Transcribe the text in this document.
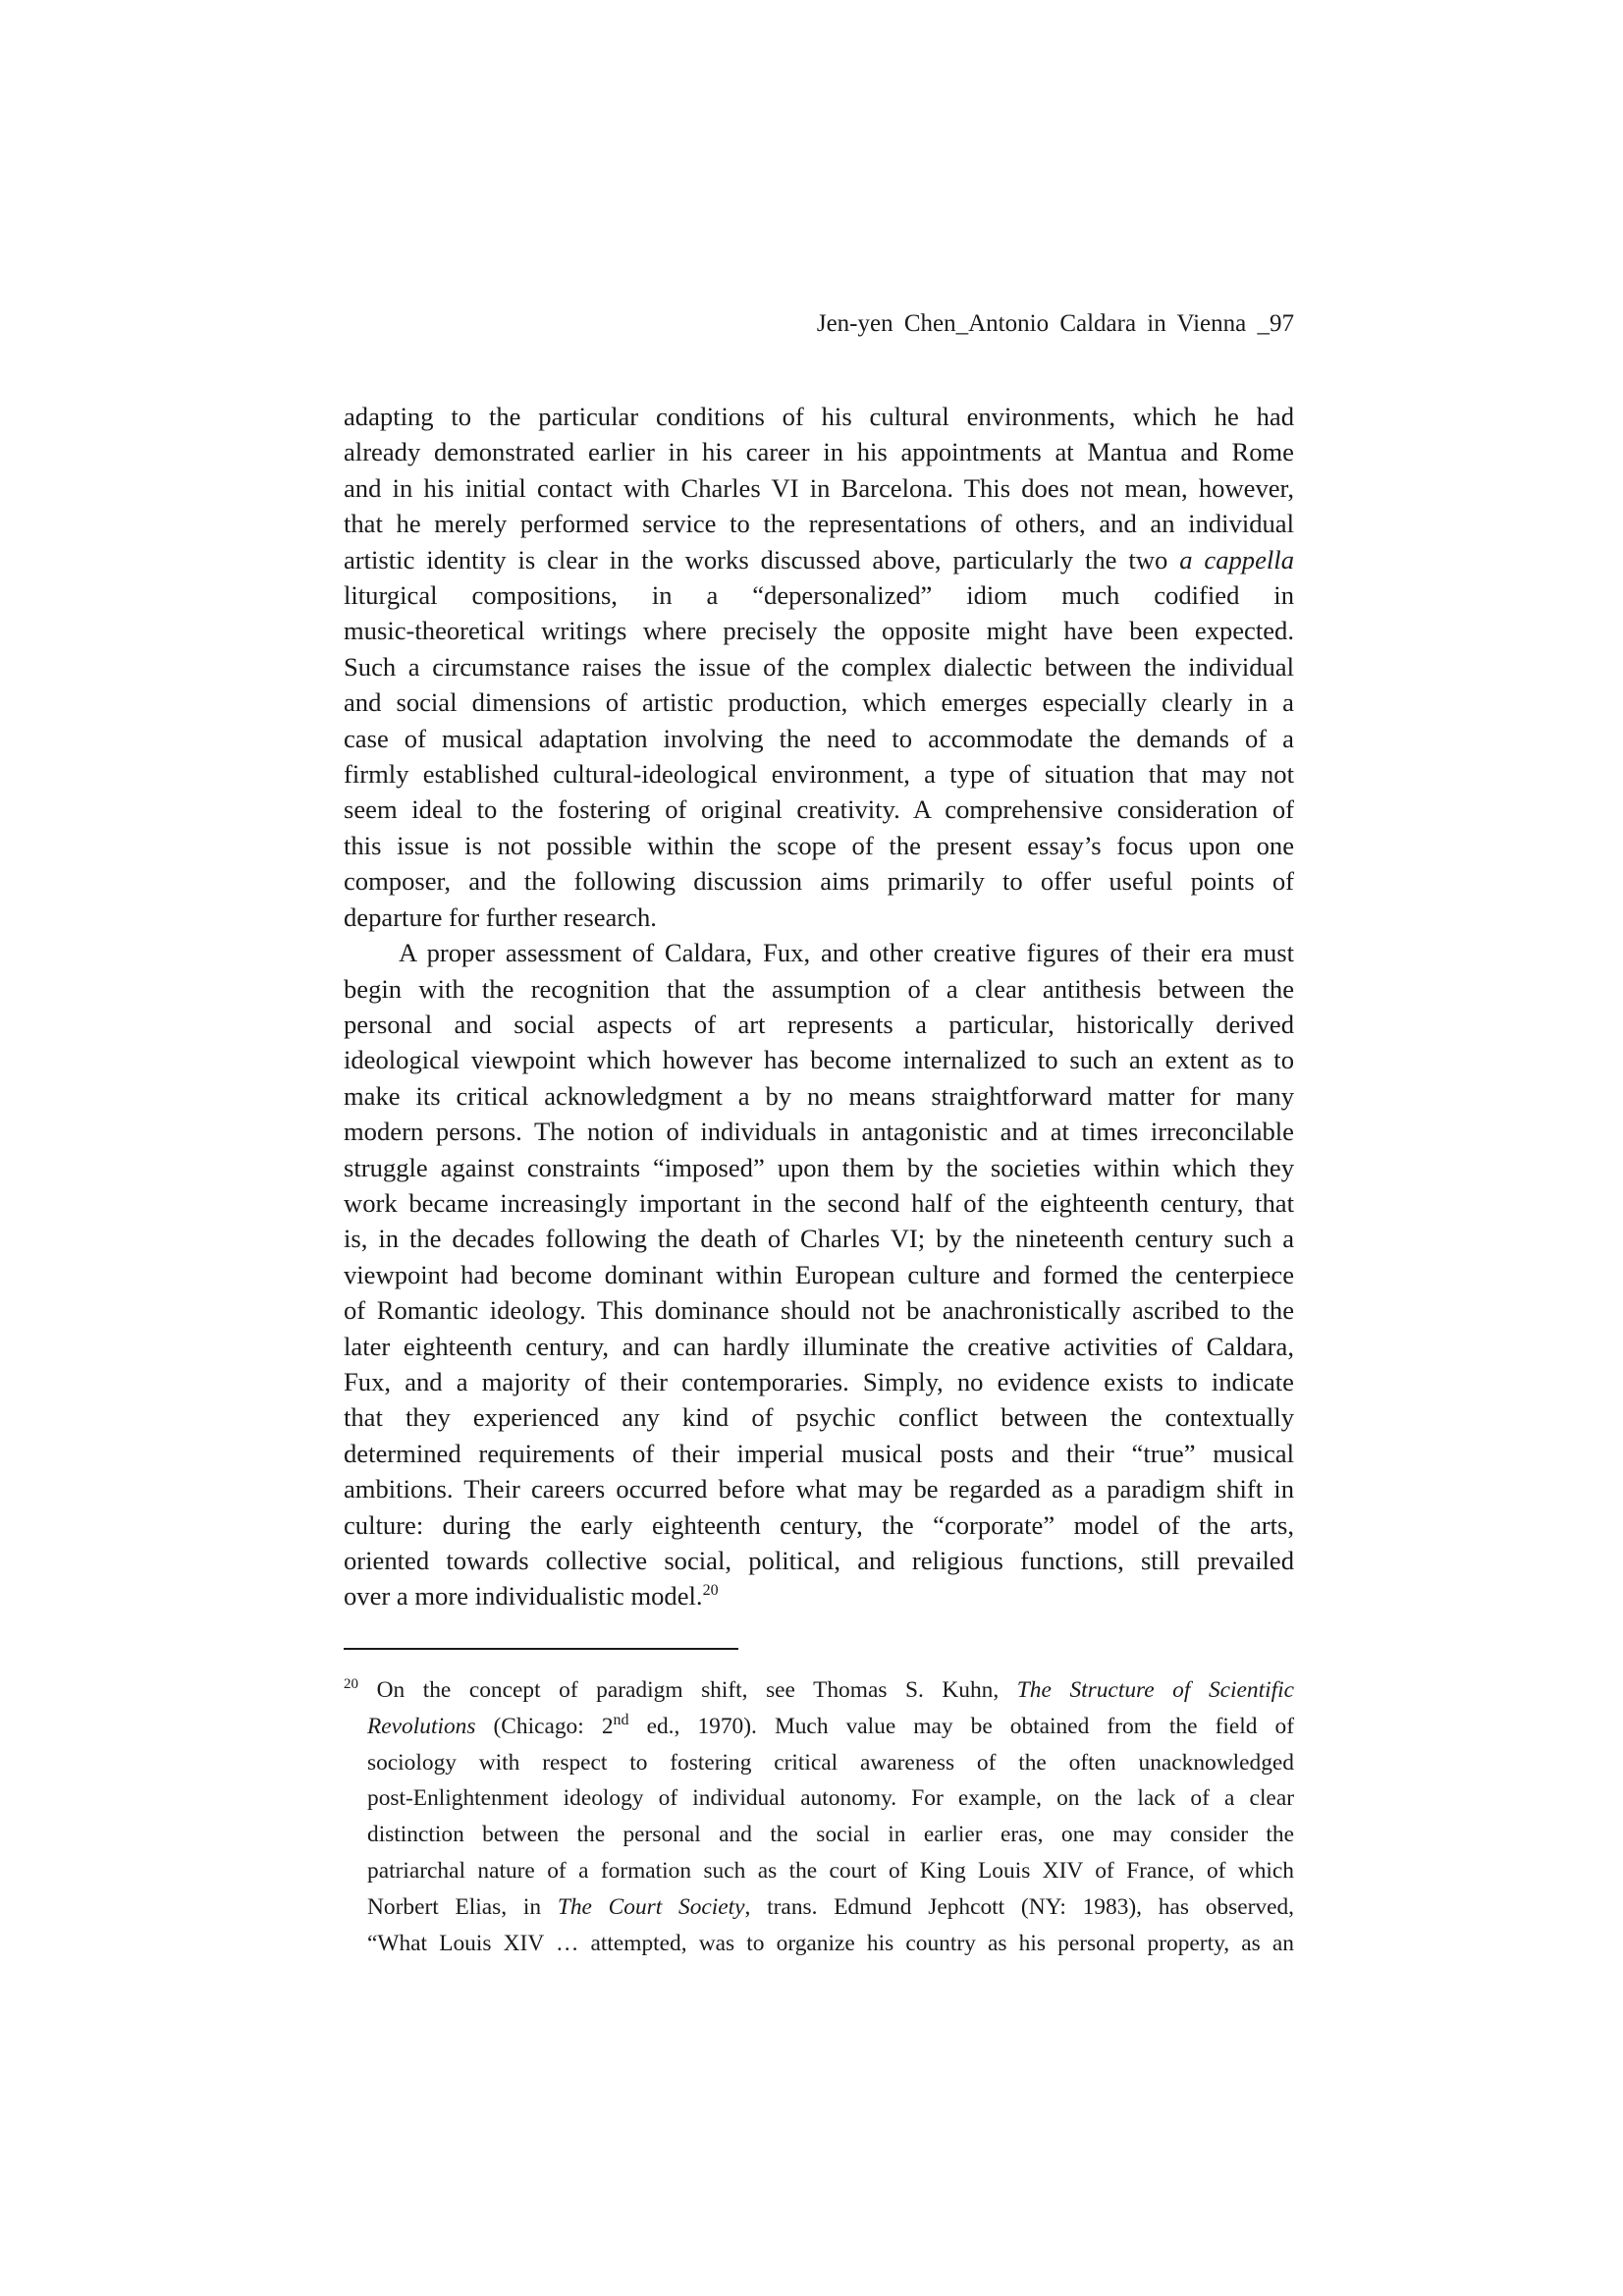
Jen-yen Chen_Antonio Caldara in Vienna _97
adapting to the particular conditions of his cultural environments, which he had
already demonstrated earlier in his career in his appointments at Mantua and Rome
and in his initial contact with Charles VI in Barcelona. This does not mean, however,
that he merely performed service to the representations of others, and an individual
artistic identity is clear in the works discussed above, particularly the two a cappella
liturgical compositions, in a “depersonalized” idiom much codified in
music-theoretical writings where precisely the opposite might have been expected.
Such a circumstance raises the issue of the complex dialectic between the individual
and social dimensions of artistic production, which emerges especially clearly in a
case of musical adaptation involving the need to accommodate the demands of a
firmly established cultural-ideological environment, a type of situation that may not
seem ideal to the fostering of original creativity. A comprehensive consideration of
this issue is not possible within the scope of the present essay’s focus upon one
composer, and the following discussion aims primarily to offer useful points of
departure for further research.
A proper assessment of Caldara, Fux, and other creative figures of their era must
begin with the recognition that the assumption of a clear antithesis between the
personal and social aspects of art represents a particular, historically derived
ideological viewpoint which however has become internalized to such an extent as to
make its critical acknowledgment a by no means straightforward matter for many
modern persons. The notion of individuals in antagonistic and at times irreconcilable
struggle against constraints “imposed” upon them by the societies within which they
work became increasingly important in the second half of the eighteenth century, that
is, in the decades following the death of Charles VI; by the nineteenth century such a
viewpoint had become dominant within European culture and formed the centerpiece
of Romantic ideology. This dominance should not be anachronistically ascribed to the
later eighteenth century, and can hardly illuminate the creative activities of Caldara,
Fux, and a majority of their contemporaries. Simply, no evidence exists to indicate
that they experienced any kind of psychic conflict between the contextually
determined requirements of their imperial musical posts and their “true” musical
ambitions. Their careers occurred before what may be regarded as a paradigm shift in
culture: during the early eighteenth century, the “corporate” model of the arts,
oriented towards collective social, political, and religious functions, still prevailed
over a more individualistic model.$^{20}$
$^{20}$ On the concept of paradigm shift, see Thomas S. Kuhn, The Structure of Scientific
Revolutions (Chicago: 2nd ed., 1970). Much value may be obtained from the field of
sociology with respect to fostering critical awareness of the often unacknowledged
post-Enlightenment ideology of individual autonomy. For example, on the lack of a clear
distinction between the personal and the social in earlier eras, one may consider the
patriarchal nature of a formation such as the court of King Louis XIV of France, of which
Norbert Elias, in The Court Society, trans. Edmund Jephcott (NY: 1983), has observed,
“What Louis XIV … attempted, was to organize his country as his personal property, as an
